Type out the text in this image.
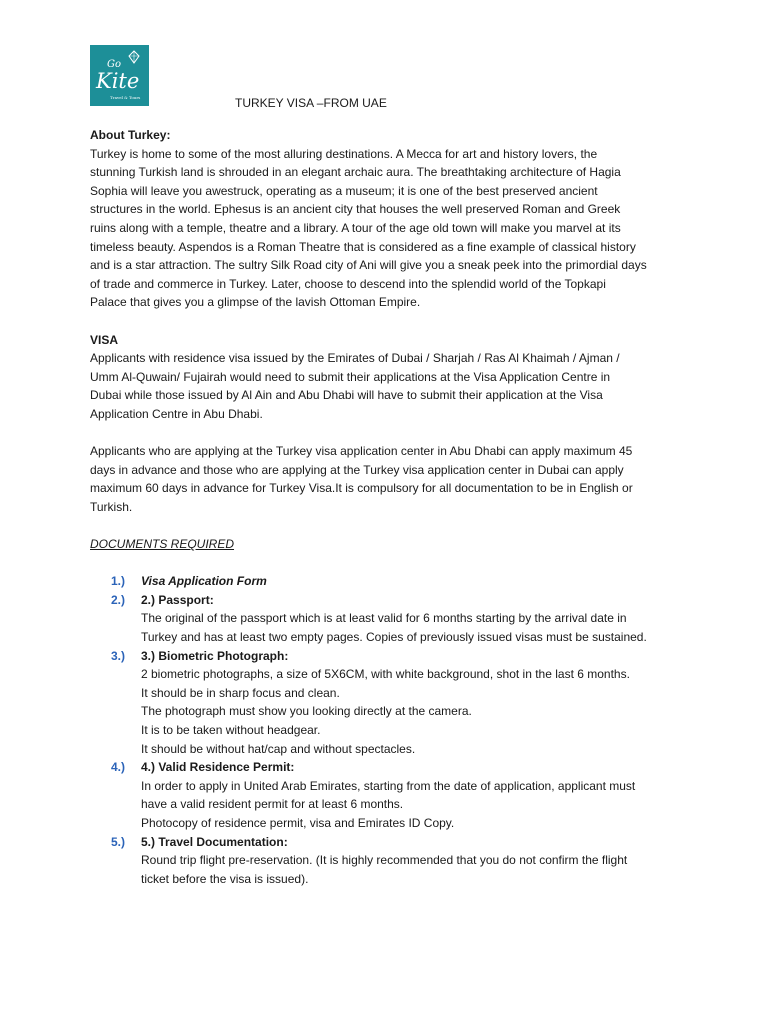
Go
Kite
Travel & Tours	TURKEY VISA –FROM UAE

About Turkey:

Turkey is home to some of the most alluring destinations. A Mecca for art and history lovers, the

stunning Turkish land is shrouded in an elegant archaic aura. The breathtaking architecture of Hagia

Sophia will leave you awestruck, operating as a museum; it is one of the best preserved ancient

structures in the world. Ephesus is an ancient city that houses the well preserved Roman and Greek

ruins along with a temple, theatre and a library. A tour of the age old town will make you marvel at its

timeless beauty. Aspendos is a Roman Theatre that is considered as a fine example of classical history

and is a star attraction. The sultry Silk Road city of Ani will give you a sneak peek into the primordial days

of trade and commerce in Turkey. Later, choose to descend into the splendid world of the Topkapi

Palace that gives you a glimpse of the lavish Ottoman Empire.

VISA

Applicants with residence visa issued by the Emirates of Dubai / Sharjah / Ras Al Khaimah / Ajman /

Umm Al-Quwain/ Fujairah would need to submit their applications at the Visa Application Centre in

Dubai while those issued by Al Ain and Abu Dhabi will have to submit their application at the Visa

Application Centre in Abu Dhabi.

Applicants who are applying at the Turkey visa application center in Abu Dhabi can apply maximum 45

days in advance and those who are applying at the Turkey visa application center in Dubai can apply

maximum 60 days in advance for Turkey Visa.It is compulsory for all documentation to be in English or

Turkish.

DOCUMENTS REQUIRED

1.) Visa Application Form

2.) 2.) Passport:

The original of the passport which is at least valid for 6 months starting by the arrival date in

Turkey and has at least two empty pages. Copies of previously issued visas must be sustained.

3.) 3.) Biometric Photograph:

2 biometric photographs, a size of 5X6CM, with white background, shot in the last 6 months.

It should be in sharp focus and clean.

The photograph must show you looking directly at the camera.

It is to be taken without headgear.

It should be without hat/cap and without spectacles.

4.) 4.) Valid Residence Permit:

In order to apply in United Arab Emirates, starting from the date of application, applicant must

have a valid resident permit for at least 6 months.

Photocopy of residence permit, visa and Emirates ID Copy.

5.) 5.) Travel Documentation:

Round trip flight pre-reservation. (It is highly recommended that you do not confirm the flight

ticket before the visa is issued).
